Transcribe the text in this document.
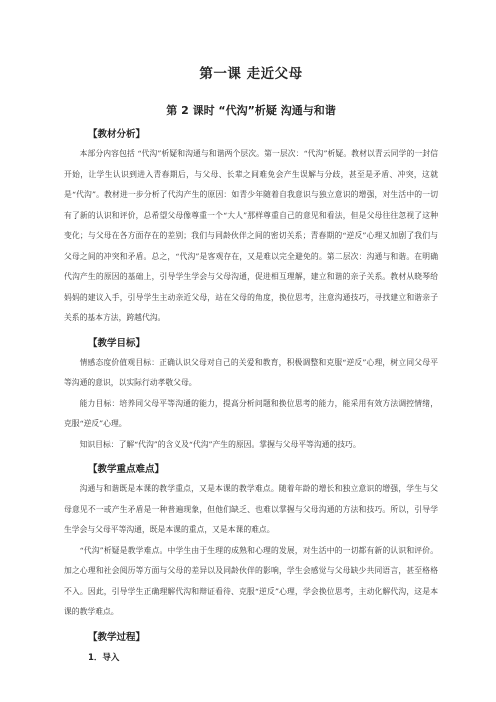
第一课 走近父母
第 2 课时 “代沟”析疑 沟通与和谐
【教材分析】

本部分内容包括 “代沟”析疑和沟通与和谐两个层次。第一层次：“代沟”析疑。教材以青云同学的一封信开始，让学生认识到进入青春期后，与父母、长辈之间难免会产生误解与分歧，甚至是矛盾、冲突，这就是“代沟”。教材进一步分析了代沟产生的原因：如青少年随着自我意识与独立意识的增强，对生活中的一切有了新的认识和评价，总希望父母像尊重一个“大人”那样尊重自己的意见和看法，但是父母往往忽视了这种变化；与父母在各方面存在的差别；我们与同龄伙伴之间的密切关系；青春期的“逆反”心理又加剧了我们与父母之间的冲突和矛盾。总之，“代沟”是客观存在，又是难以完全避免的。第二层次：沟通与和谐。在明确代沟产生的原因的基础上，引导学生学会与父母沟通，促进相互理解，建立和谐的亲子关系。教材从晓琴给妈妈的建议入手，引导学生主动亲近父母，站在父母的角度，换位思考，注意沟通技巧，寻找建立和谐亲子关系的基本方法，跨越代沟。

【教学目标】

情感态度价值观目标：正确认识父母对自己的关爱和教育，积极调整和克服“逆反”心理，树立同父母平等沟通的意识，以实际行动孝敬父母。

能力目标：培养同父母平等沟通的能力，提高分析问题和换位思考的能力，能采用有效方法调控情绪，克服“逆反”心理。

知识目标：了解“代沟”的含义及“代沟”产生的原因。掌握与父母平等沟通的技巧。

【教学重点难点】

沟通与和谐既是本课的教学重点，又是本课的教学难点。随着年龄的增长和独立意识的增强，学生与父母意见不一或产生矛盾是一种普遍现象，但他们缺乏、也难以掌握与父母沟通的方法和技巧。所以，引导学生学会与父母平等沟通，既是本课的重点，又是本课的难点。

“代沟”析疑是教学难点。中学生由于生理的成熟和心理的发展，对生活中的一切都有新的认识和评价。加之心理和社会阅历等方面与父母的差异以及同龄伙伴的影响，学生会感觉与父母缺少共同语言，甚至格格不入。因此，引导学生正确理解代沟和辩证看待、克服“逆反”心理，学会换位思考，主动化解代沟，这是本课的教学难点。

【教学过程】
1．导入
